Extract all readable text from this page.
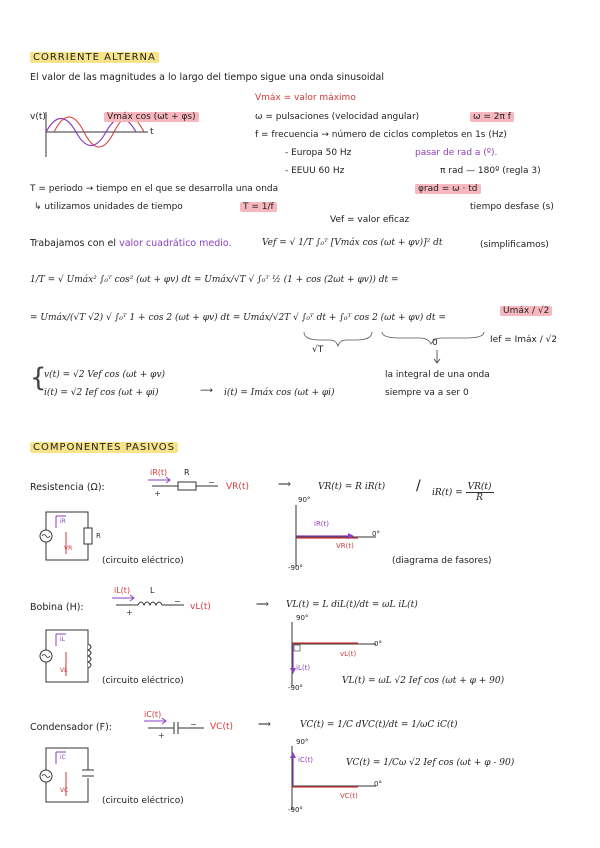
CORRIENTE ALTERNA
El valor de las magnitudes a lo largo del tiempo sigue una onda sinusoidal
v(t)
t
Vmáx cos (ωt + φs)
Vmáx = valor máximo
ω = pulsaciones (velocidad angular)	ω = 2π f
f = frecuencia → número de ciclos completos en 1s (Hz)
- Europa 50 Hz	pasar de rad a (º).
- EEUU 60 Hz	π rad — 180º (regla 3)
T = periodo → tiempo en el que se desarrolla una onda	φrad = ω · td
↳ utilizamos unidades de tiempo	T = 1/f	tiempo desfase (s)
Vef = valor eficaz
Trabajamos con el valor cuadrático medio.	Vef = √ 1/T ∫₀ᵀ [Vmáx cos (ωt + φv)]² dt	(simplificamos)
1/T = √ Umáx² ∫₀ᵀ cos² (ωt + φv) dt = Umáx/√T √ ∫₀ᵀ ½ (1 + cos (2ωt + φv)) dt =
= Umáx/(√T √2) √ ∫₀ᵀ 1 + cos 2 (ωt + φv) dt = Umáx/√2T √ ∫₀ᵀ dt + ∫₀ᵀ cos 2 (ωt + φv) dt =
Umáx / √2
Ief = Imáx / √2
√T
0
{
v(t) = √2 Vef cos (ωt + φv)
i(t) = √2 Ief cos (ωt + φi)	⟶ i(t) = Imáx cos (ωt + φi)
la integral de una onda
siempre va a ser 0
COMPONENTES PASIVOS
Resistencia (Ω):
iR(t) R
+
− VR(t)	⟹	VR(t) = R $iR(t) / iR(t) = \frac{VR(t)}{R}$
iR
VR
R
(circuito eléctrico)
90°
0°
-90°
iR(t)
VR(t)
(diagrama de fasores)
Bobina (H):
iL(t) L
+
−
vL(t)	⟹ VL(t) = L diL(t)/dt = ωL iL(t)
iL
VL
(circuito eléctrico)
90°
0°
-90°
vL(t)
iL(t)
VL(t) = ωL √2 Ief cos (ωt + φ + 90)
Condensador (F):
iC(t)
+
− VC(t)	⟹	VC(t) = 1/C dVC(t)/dt = 1/ωC iC(t)
iC
VC
(circuito eléctrico)
90°
0°
-90°
iC(t)
VC(t)
VC(t) = 1/Cω √2 Ief cos (ωt + φ - 90)
